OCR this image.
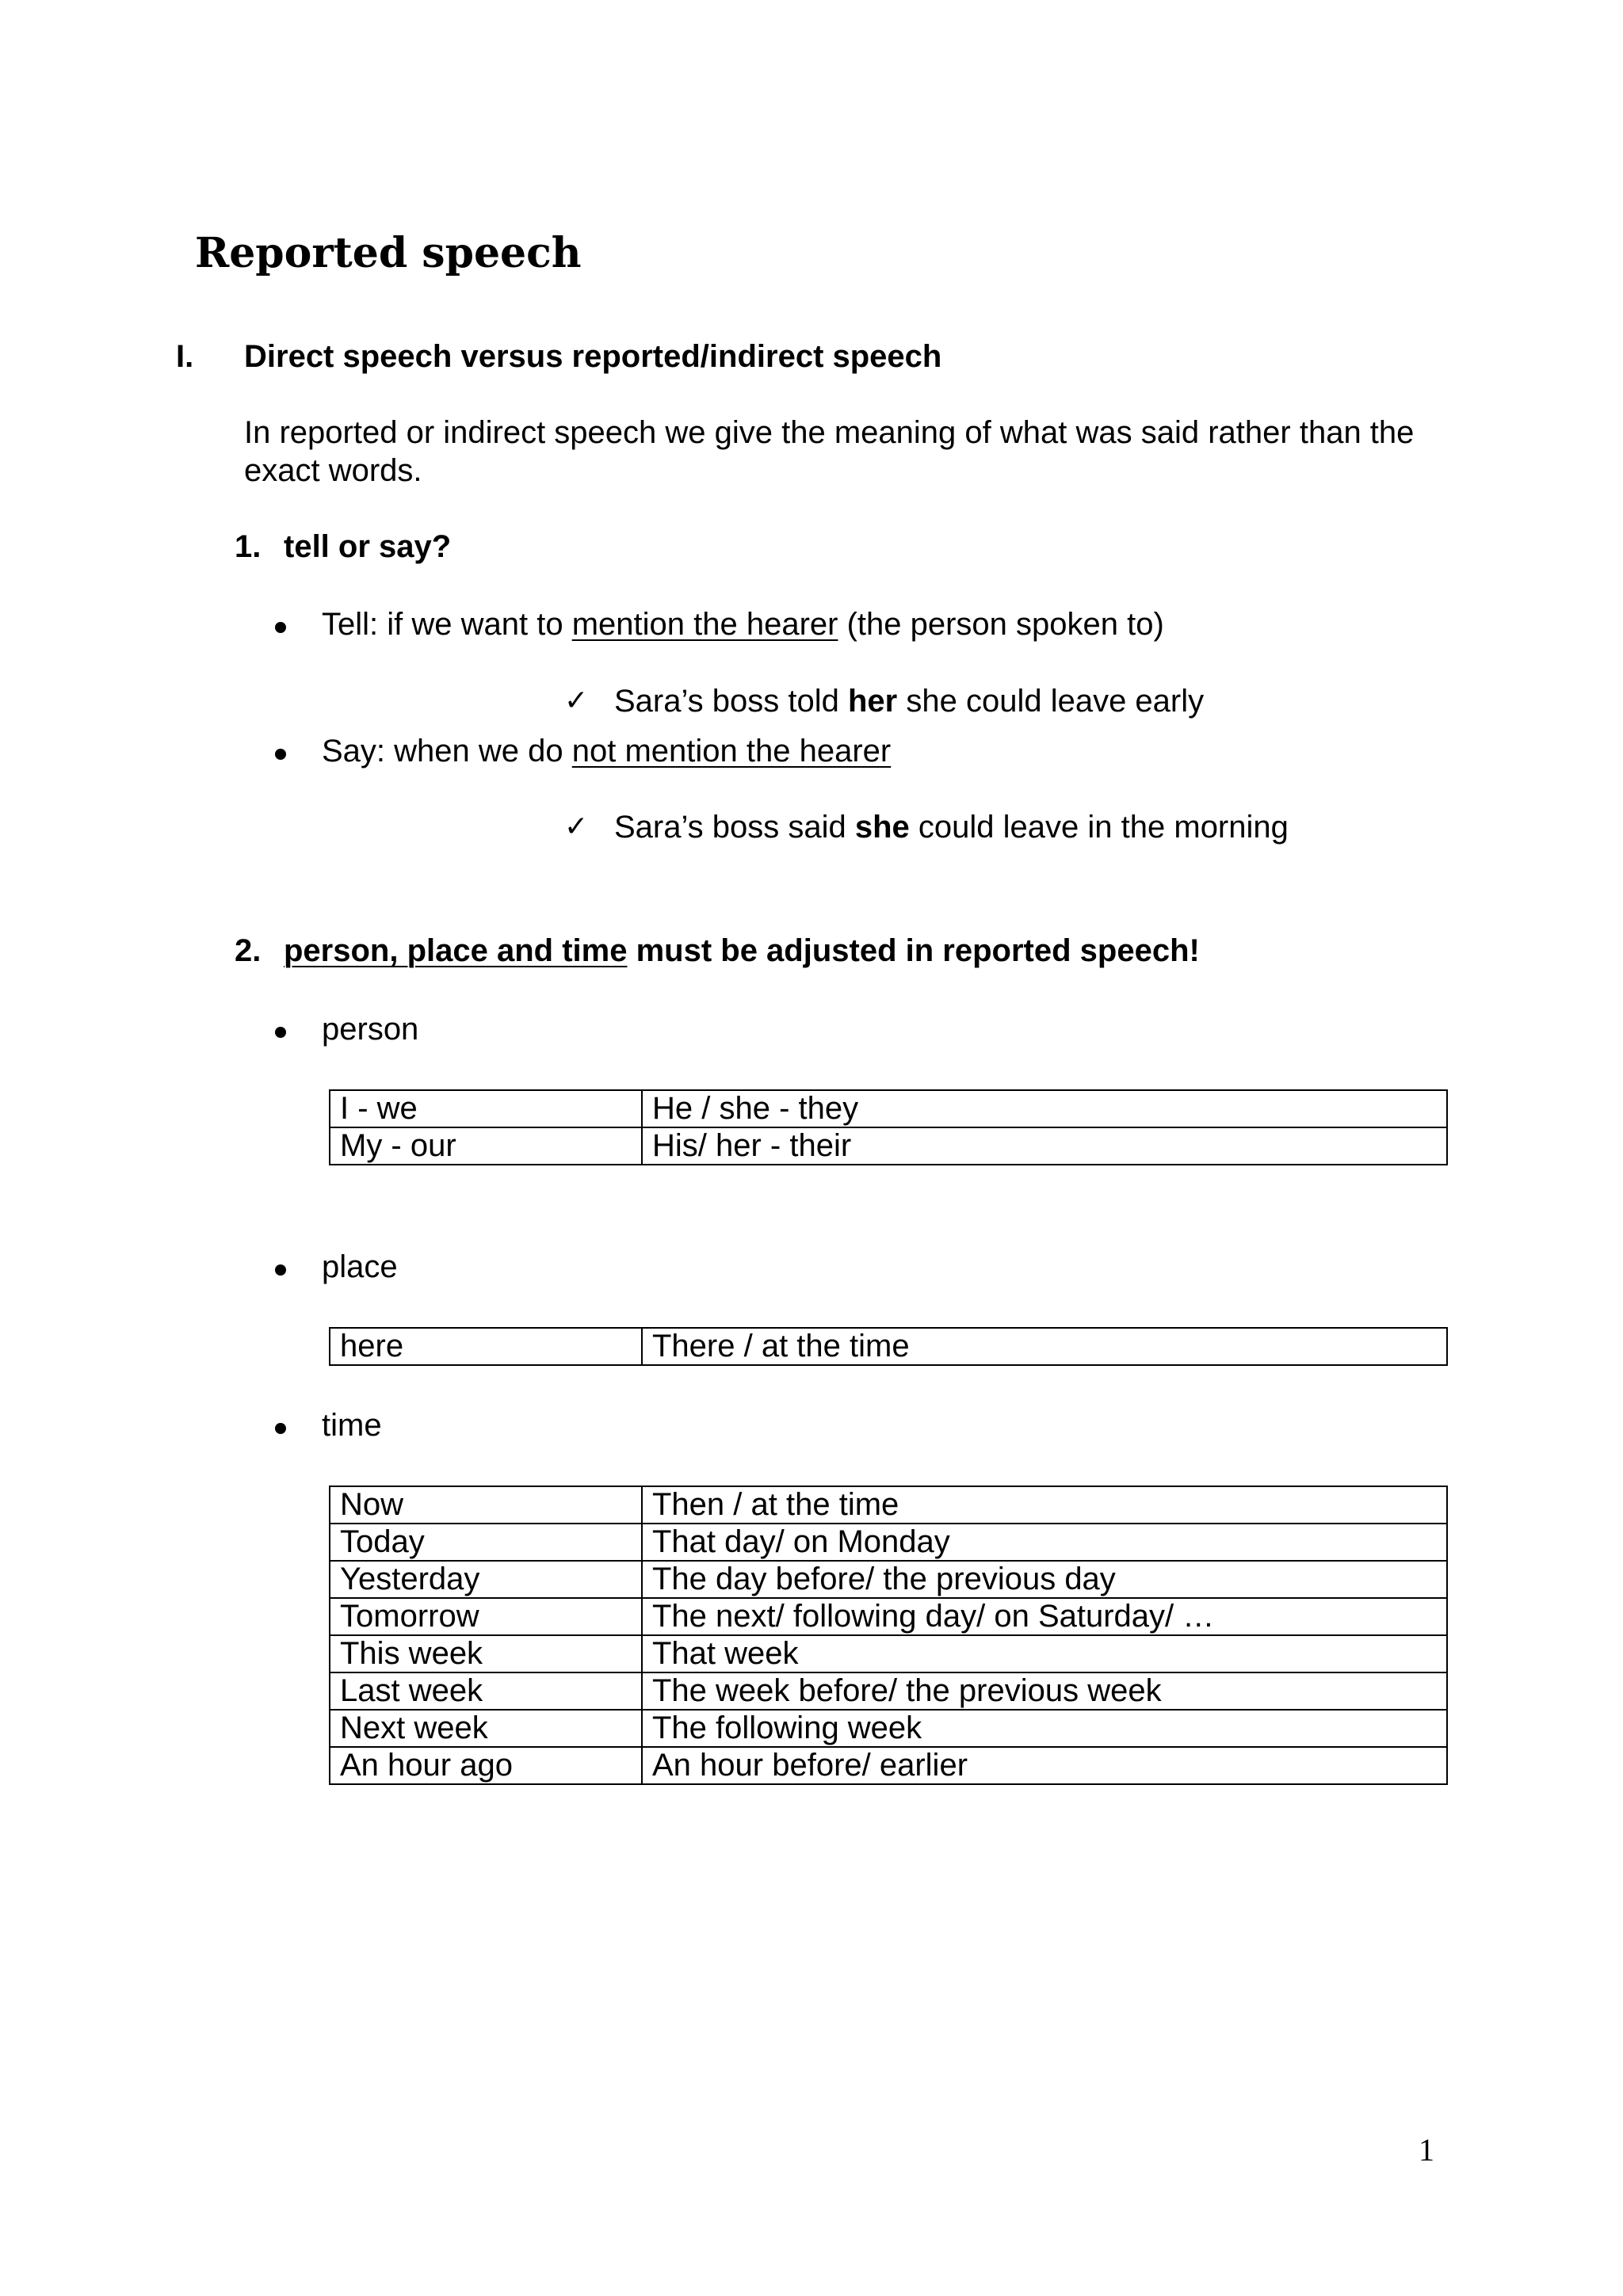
Reported speech
I. Direct speech versus reported/indirect speech
In reported or indirect speech we give the meaning of what was said rather than the exact words.
1. tell or say?
Tell: if we want to mention the hearer (the person spoken to)
✓ Sara’s boss told her she could leave early
Say: when we do not mention the hearer
✓ Sara’s boss said she could leave in the morning
2. person, place and time must be adjusted in reported speech!
person
I - we	He / she - they
My - our	His/ her - their
place
here	There / at the time
time
Now	Then / at the time
Today	That day/ on Monday
Yesterday	The day before/ the previous day
Tomorrow	The next/ following day/ on Saturday/ …
This week	That week
Last week	The week before/ the previous week
Next week	The following week
An hour ago	An hour before/ earlier
1
